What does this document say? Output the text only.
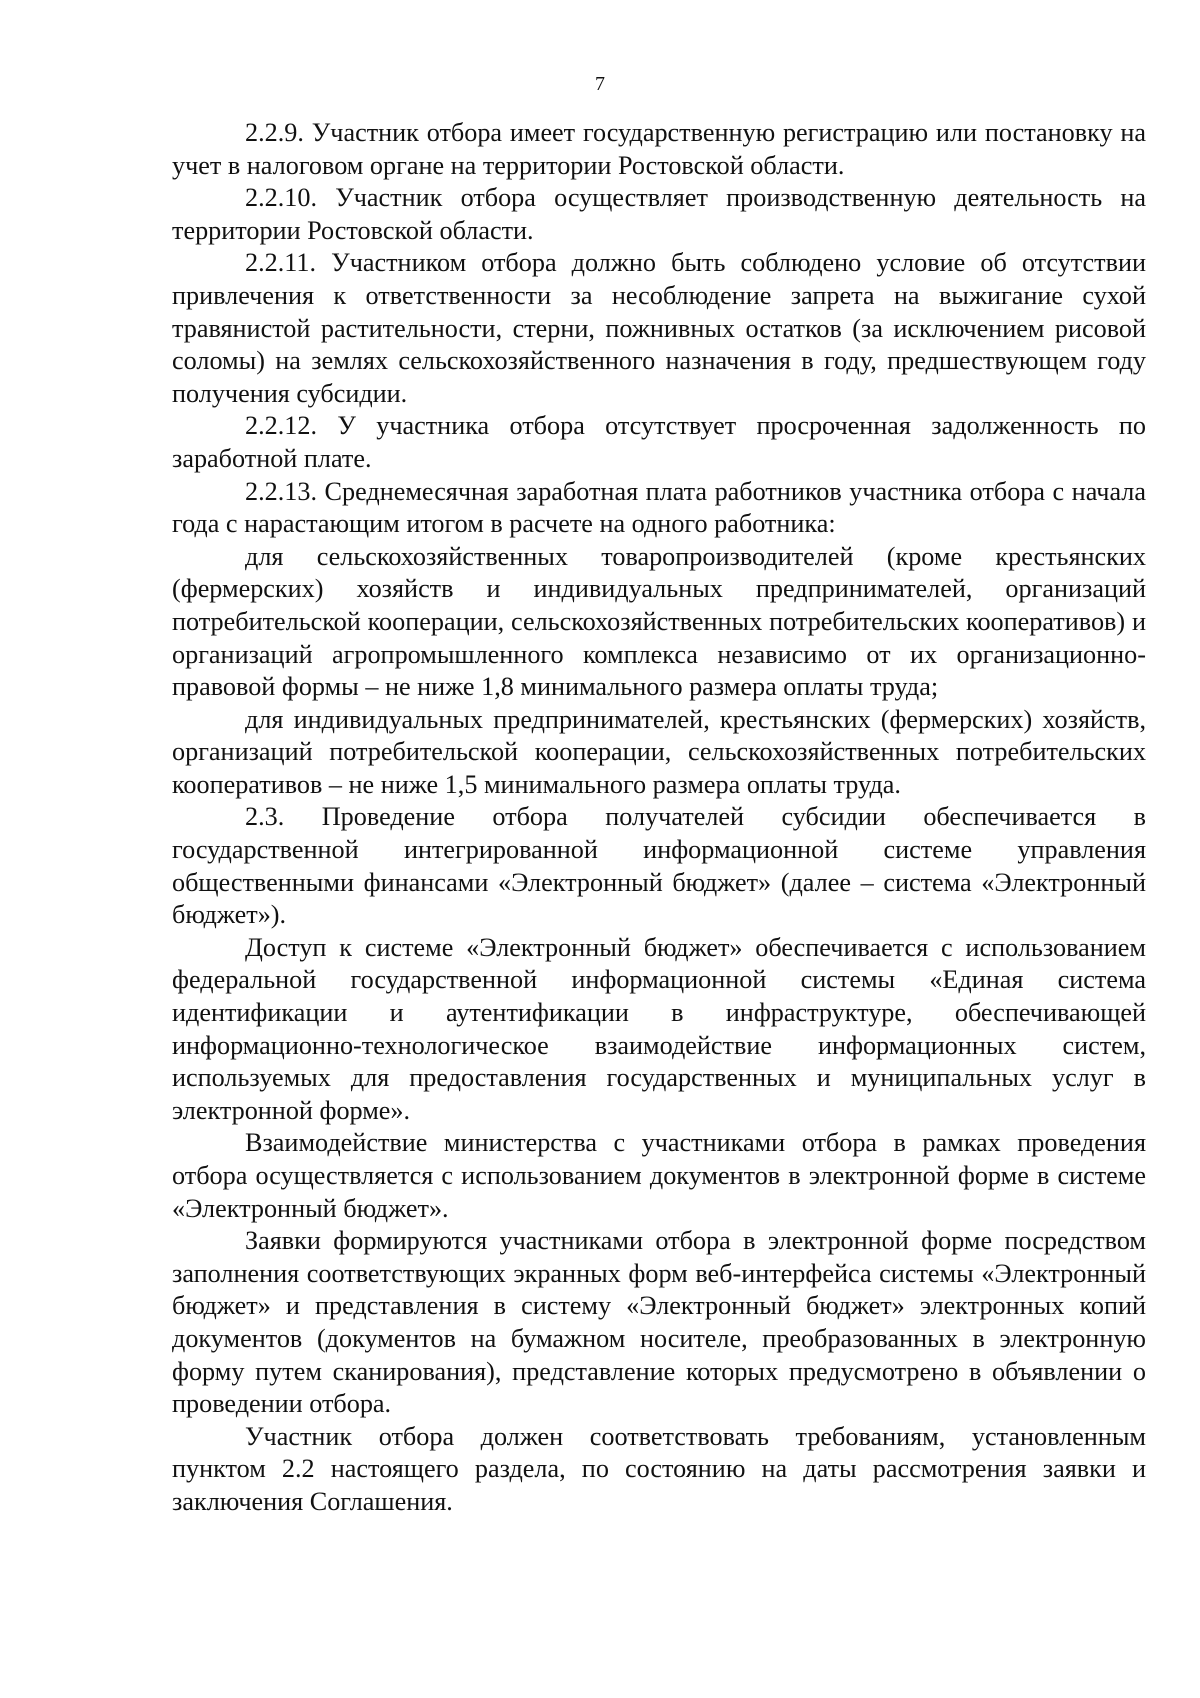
7

2.2.9. Участник отбора имеет государственную регистрацию или постановку на учет в налоговом органе на территории Ростовской области.

2.2.10. Участник отбора осуществляет производственную деятельность на территории Ростовской области.

2.2.11. Участником отбора должно быть соблюдено условие об отсутствии привлечения к ответственности за несоблюдение запрета на выжигание сухой травянистой растительности, стерни, пожнивных остатков (за исключением рисовой соломы) на землях сельскохозяйственного назначения в году, предшествующем году получения субсидии.

2.2.12. У участника отбора отсутствует просроченная задолженность по заработной плате.

2.2.13. Среднемесячная заработная плата работников участника отбора с начала года с нарастающим итогом в расчете на одного работника:

для сельскохозяйственных товаропроизводителей (кроме крестьянских (фермерских) хозяйств и индивидуальных предпринимателей, организаций потребительской кооперации, сельскохозяйственных потребительских кооперативов) и организаций агропромышленного комплекса независимо от их организационно-правовой формы – не ниже 1,8 минимального размера оплаты труда;

для индивидуальных предпринимателей, крестьянских (фермерских) хозяйств, организаций потребительской кооперации, сельскохозяйственных потребительских кооперативов – не ниже 1,5 минимального размера оплаты труда.

2.3. Проведение отбора получателей субсидии обеспечивается в государственной интегрированной информационной системе управления общественными финансами «Электронный бюджет» (далее – система «Электронный бюджет»).

Доступ к системе «Электронный бюджет» обеспечивается с использованием федеральной государственной информационной системы «Единая система идентификации и аутентификации в инфраструктуре, обеспечивающей информационно-технологическое взаимодействие информационных систем, используемых для предоставления государственных и муниципальных услуг в электронной форме».

Взаимодействие министерства с участниками отбора в рамках проведения отбора осуществляется с использованием документов в электронной форме в системе «Электронный бюджет».

Заявки формируются участниками отбора в электронной форме посредством заполнения соответствующих экранных форм веб-интерфейса системы «Электронный бюджет» и представления в систему «Электронный бюджет» электронных копий документов (документов на бумажном носителе, преобразованных в электронную форму путем сканирования), представление которых предусмотрено в объявлении о проведении отбора.

Участник отбора должен соответствовать требованиям, установленным пунктом 2.2 настоящего раздела, по состоянию на даты рассмотрения заявки и заключения Соглашения.
